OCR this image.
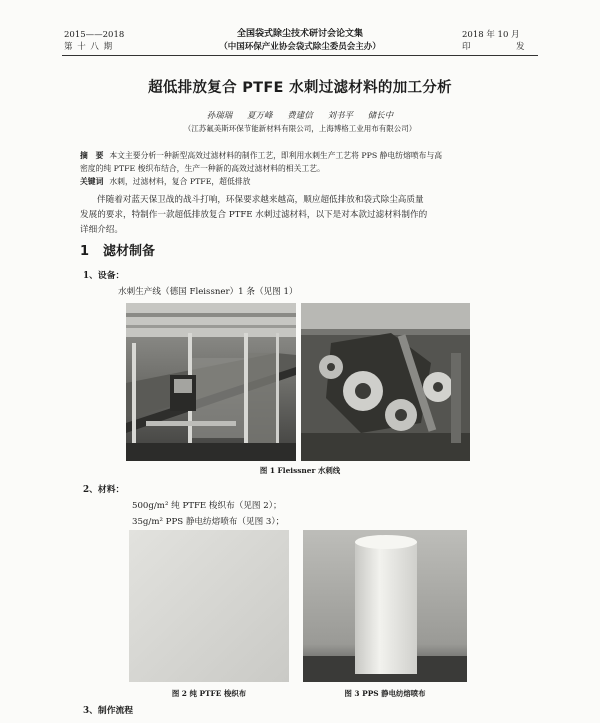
2015——2018
第 十 八 期
全国袋式除尘技术研讨会论文集
（中国环保产业协会袋式除尘委员会主办）
2018 年 10 月
印	发
超低排放复合 PTFE 水刺过滤材料的加工分析
孙瑞瑞 夏万峰 费建信 刘书平 储长中
（江苏氟美斯环保节能新材料有限公司，上海博格工业用布有限公司）
摘　要 本文主要分析一种新型高效过滤材料的制作工艺，即利用水刺生产工艺将 PPS 静电纺熔喷布与高
密度的纯 PTFE 梭织布结合，生产一种新的高效过滤材料的相关工艺。
关键词 水刺，过滤材料，复合 PTFE，超低排放
伴随着对蓝天保卫战的战斗打响，环保要求越来越高，顺应超低排放和袋式除尘高质量
发展的要求，特制作一款超低排放复合 PTFE 水刺过滤材料，以下是对本款过滤材料制作的
详细介绍。
1 滤材制备
1、设备：
水刺生产线（德国 Fleissner）1 条（见图 1）
图 1 Fleissner 水刺线
2、材料：
500g/m² 纯 PTFE 梭织布（见图 2）；
35g/m² PPS 静电纺熔喷布（见图 3）；
图 2 纯 PTFE 梭织布	图 3 PPS 静电纺熔喷布
3、制作流程
